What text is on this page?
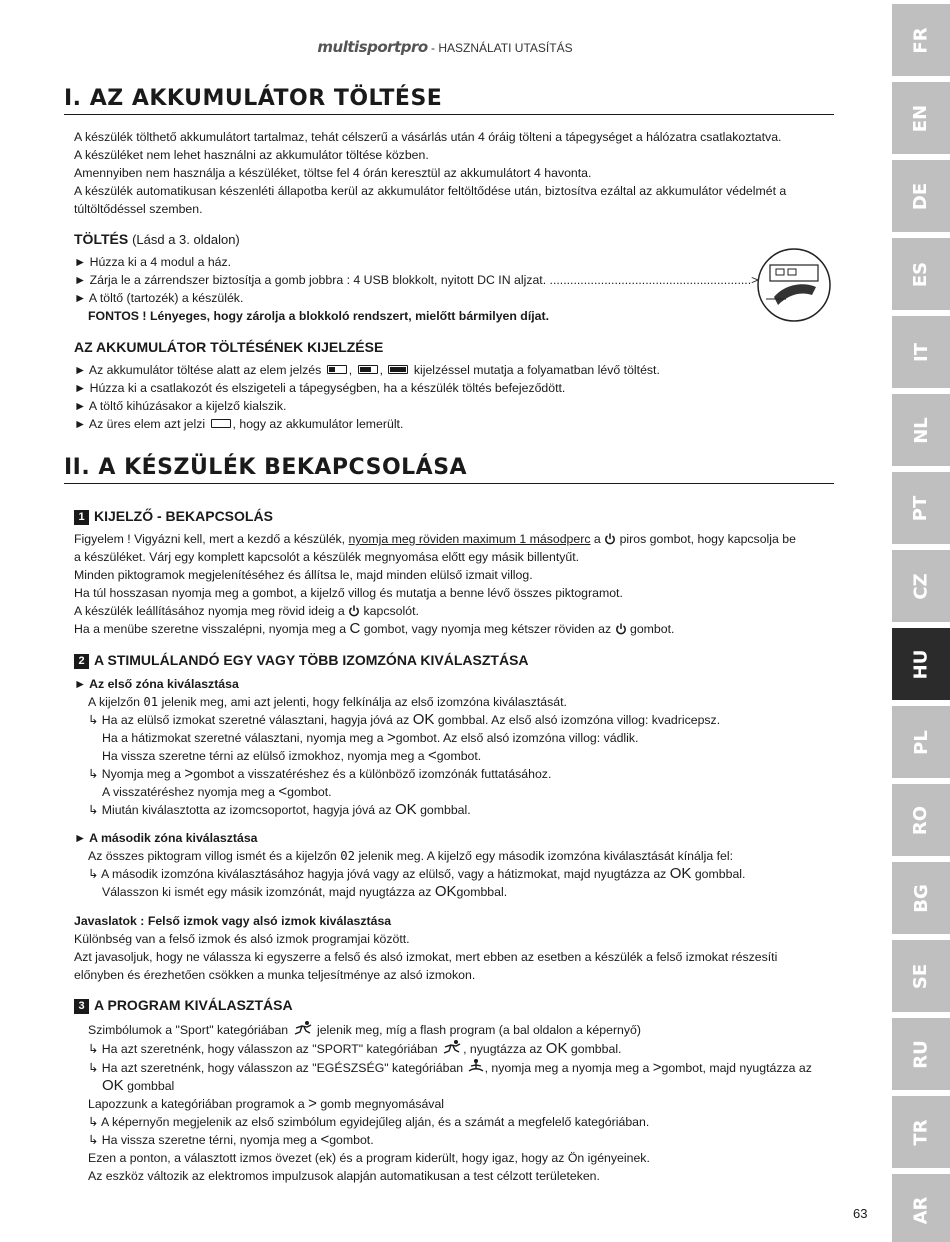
multisportpro - HASZNÁLATI UTASÍTÁS	FR
EN
DE
ES
IT
NL
PT
CZ
HU
PL
RO
BG
SE
RU
TR
AR
I. AZ AKKUMULÁTOR TÖLTÉSE
A készülék tölthető akkumulátort tartalmaz, tehát célszerű a vásárlás után 4 óráig tölteni a tápegységet a hálózatra csatlakoztatva.
A készüléket nem lehet használni az akkumulátor töltése közben.
Amennyiben nem használja a készüléket, töltse fel 4 órán keresztül az akkumulátort 4 havonta.
A készülék automatikusan készenléti állapotba kerül az akkumulátor feltöltődése után, biztosítva ezáltal az akkumulátor védelmét a
túltöltődéssel szemben.
TÖLTÉS (Lásd a 3. oldalon)
► Húzza ki a 4 modul a ház.
► Zárja le a zárrendszer biztosítja a gomb jobbra : 4 USB blokkolt, nyitott DC IN aljzat. ...........................................................>
► A töltő (tartozék) a készülék.
FONTOS ! Lényeges, hogy zárolja a blokkoló rendszert, mielőtt bármilyen díjat.
AZ AKKUMULÁTOR TÖLTÉSÉNEK KIJELZÉSE
► Az akkumulátor töltése alatt az elem jelzés ,
,
kijelzéssel mutatja a folyamatban lévő töltést.
► Húzza ki a csatlakozót és elszigeteli a tápegységben, ha a készülék töltés befejeződött.
► A töltő kihúzásakor a kijelző kialszik.
► Az üres elem azt jelzi , hogy az akkumulátor lemerült.
II. A KÉSZÜLÉK BEKAPCSOLÁSA
1 KIJELZŐ - BEKAPCSOLÁS
Figyelem ! Vigyázni kell, mert a kezdő a készülék, nyomja meg röviden maximum 1 másodperc a piros gombot, hogy kapcsolja be
a készüléket. Várj egy komplett kapcsolót a készülék megnyomása előtt egy másik billentyűt.
Minden piktogramok megjelenítéséhez és állítsa le, majd minden elülső izmait villog.
Ha túl hosszasan nyomja meg a gombot, a kijelző villog és mutatja a benne lévő összes piktogramot.
A készülék leállításához nyomja meg rövid ideig a kapcsolót.
Ha a menübe szeretne visszalépni, nyomja meg a C gombot, vagy nyomja meg kétszer röviden az gombot.
2 A STIMULÁLANDÓ EGY VAGY TÖBB IZOMZÓNA KIVÁLASZTÁSA
► Az első zóna kiválasztása
A kijelzőn 01 jelenik meg, ami azt jelenti, hogy felkínálja az első izomzóna kiválasztását.
↳ Ha az elülső izmokat szeretné választani, hagyja jóvá az OK gombbal. Az első alsó izomzóna villog: kvadricepsz.
Ha a hátizmokat szeretné választani, nyomja meg a >gombot. Az első alsó izomzóna villog: vádlik.
Ha vissza szeretne térni az elülső izmokhoz, nyomja meg a <gombot.
↳ Nyomja meg a >gombot a visszatéréshez és a különböző izomzónák futtatásához.
A visszatéréshez nyomja meg a <gombot.
↳ Miután kiválasztotta az izomcsoportot, hagyja jóvá az OK gombbal.
► A második zóna kiválasztása
Az összes piktogram villog ismét és a kijelzőn 02 jelenik meg. A kijelző egy második izomzóna kiválasztását kínálja fel:
↳ A második izomzóna kiválasztásához hagyja jóvá vagy az elülső, vagy a hátizmokat, majd nyugtázza az OK gombbal.
Válasszon ki ismét egy másik izomzónát, majd nyugtázza az OKgombbal.
Javaslatok : Felső izmok vagy alsó izmok kiválasztása
Különbség van a felső izmok és alsó izmok programjai között.
Azt javasoljuk, hogy ne válassza ki egyszerre a felső és alsó izmokat, mert ebben az esetben a készülék a felső izmokat részesíti
előnyben és érezhetően csökken a munka teljesítménye az alsó izmokon.
3 A PROGRAM KIVÁLASZTÁSA
Szimbólumok a "Sport" kategóriában jelenik meg, míg a flash program (a bal oldalon a képernyő)
↳ Ha azt szeretnénk, hogy válasszon az "SPORT" kategóriában , nyugtázza az OK gombbal.
↳ Ha azt szeretnénk, hogy válasszon az "EGÉSZSÉG" kategóriában , nyomja meg a nyomja meg a >gombot, majd nyugtázza az
OK gombbal
Lapozzunk a kategóriában programok a > gomb megnyomásával
↳ A képernyőn megjelenik az első szimbólum egyidejűleg alján, és a számát a megfelelő kategóriában.
↳ Ha vissza szeretne térni, nyomja meg a <gombot.
Ezen a ponton, a választott izmos övezet (ek) és a program kiderült, hogy igaz, hogy az Ön igényeinek.
Az eszköz változik az elektromos impulzusok alapján automatikusan a test célzott területeken.
63
